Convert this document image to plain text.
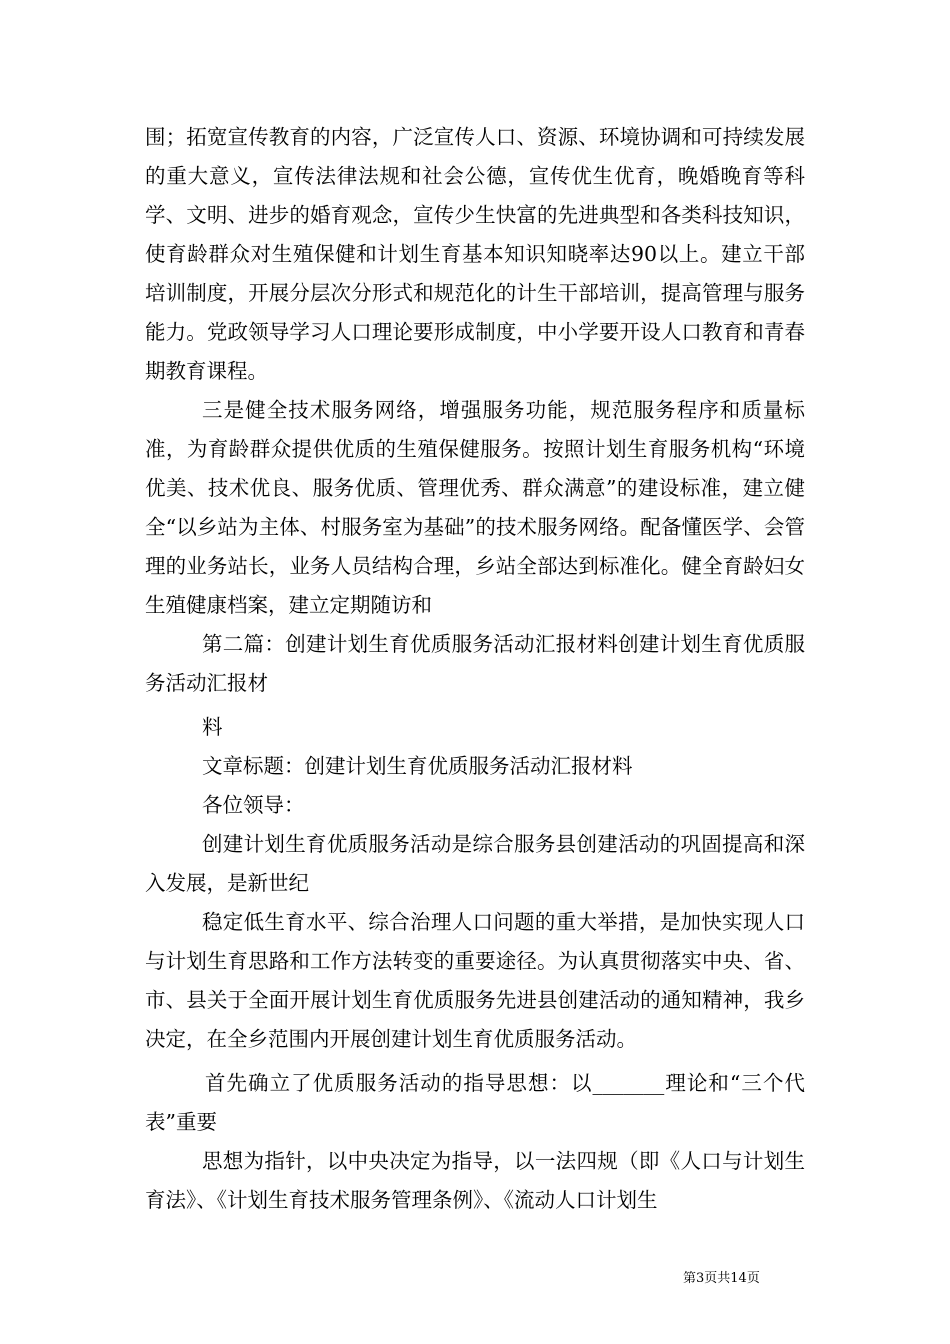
围；拓宽宣传教育的内容，广泛宣传人口、资源、环境协调和可持续发展的重大意义，宣传法律法规和社会公德，宣传优生优育，晚婚晚育等科学、文明、进步的婚育观念，宣传少生快富的先进典型和各类科技知识，使育龄群众对生殖保健和计划生育基本知识知晓率达90以上。建立干部培训制度，开展分层次分形式和规范化的计生干部培训，提高管理与服务能力。党政领导学习人口理论要形成制度，中小学要开设人口教育和青春期教育课程。

三是健全技术服务网络，增强服务功能，规范服务程序和质量标准，为育龄群众提供优质的生殖保健服务。按照计划生育服务机构“环境优美、技术优良、服务优质、管理优秀、群众满意”的建设标准，建立健全“以乡站为主体、村服务室为基础”的技术服务网络。配备懂医学、会管理的业务站长，业务人员结构合理，乡站全部达到标准化。健全育龄妇女生殖健康档案，建立定期随访和

第二篇：创建计划生育优质服务活动汇报材料创建计划生育优质服务活动汇报材

料

文章标题：创建计划生育优质服务活动汇报材料

各位领导：

创建计划生育优质服务活动是综合服务县创建活动的巩固提高和深入发展，是新世纪

稳定低生育水平、综合治理人口问题的重大举措，是加快实现人口与计划生育思路和工作方法转变的重要途径。为认真贯彻落实中央、省、市、县关于全面开展计划生育优质服务先进县创建活动的通知精神，我乡决定，在全乡范围内开展创建计划生育优质服务活动。

首先确立了优质服务活动的指导思想：以_______理论和“三个代表”重要

思想为指针，以中央决定为指导，以一法四规（即《人口与计划生育法》、《计划生育技术服务管理条例》、《流动人口计划生

第3页共14页
